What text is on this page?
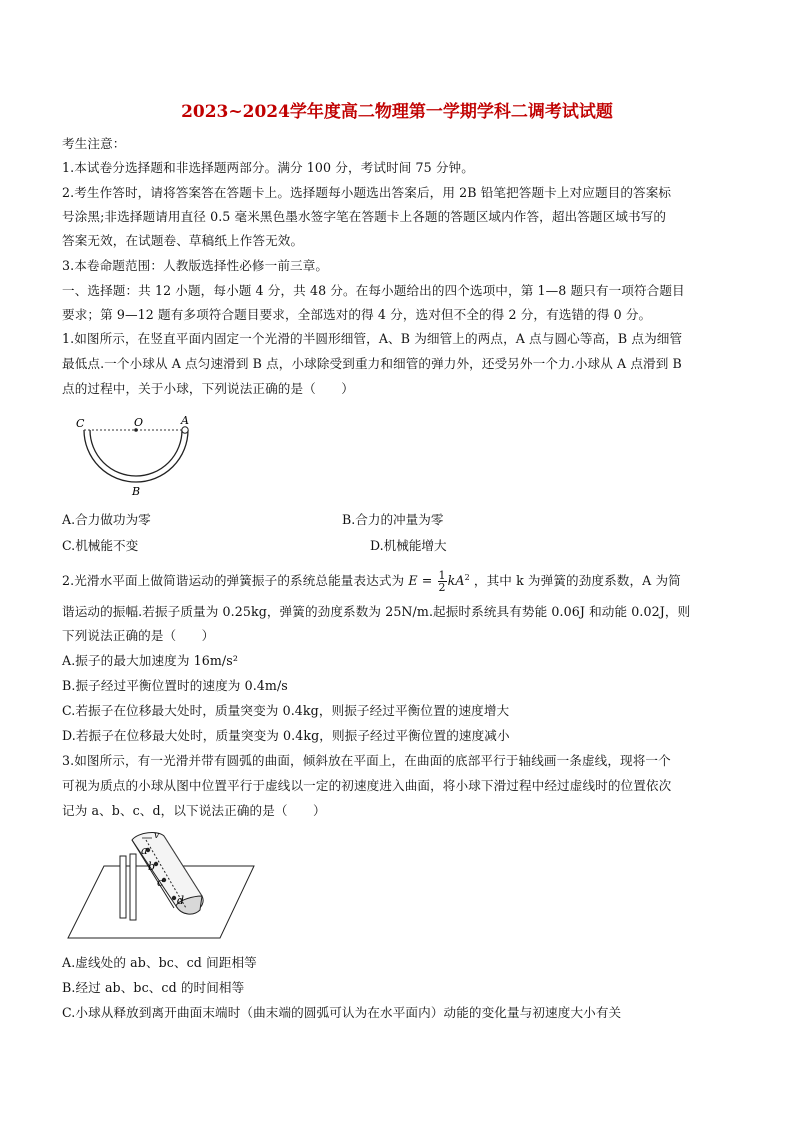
2023~2024学年度高二物理第一学期学科二调考试试题
考生注意：
1.本试卷分选择题和非选择题两部分。满分 100 分，考试时间 75 分钟。
2.考生作答时，请将答案答在答题卡上。选择题每小题选出答案后，用 2B 铅笔把答题卡上对应题目的答案标
号涂黑;非选择题请用直径 0.5 毫米黑色墨水签字笔在答题卡上各题的答题区域内作答，超出答题区域书写的
答案无效，在试题卷、草稿纸上作答无效。
3.本卷命题范围：人教版选择性必修一前三章。
一、选择题：共 12 小题，每小题 4 分，共 48 分。在每小题给出的四个选项中，第 1—8 题只有一项符合题目
要求；第 9—12 题有多项符合题目要求，全部选对的得 4 分，选对但不全的得 2 分，有选错的得 0 分。
1.如图所示，在竖直平面内固定一个光滑的半圆形细管，A、B 为细管上的两点，A 点与圆心等高，B 点为细管
最低点.一个小球从 A 点匀速滑到 B 点，小球除受到重力和细管的弹力外，还受另外一个力.小球从 A 点滑到 B
点的过程中，关于小球，下列说法正确的是（　　）
C	O	A
B
A.合力做功为零	B.合力的冲量为零
C.机械能不变	D.机械能增大
2.光滑水平面上做简谐运动的弹簧振子的系统总能量表达式为 $E = \frac{1}{2} kA^2$ ，其中 k 为弹簧的劲度系数，A 为简
谐运动的振幅.若振子质量为 0.25kg，弹簧的劲度系数为 25N/m.起振时系统具有势能 0.06J 和动能 0.02J，则
下列说法正确的是（　　）
A.振子的最大加速度为 16m/s²
B.振子经过平衡位置时的速度为 0.4m/s
C.若振子在位移最大处时，质量突变为 0.4kg，则振子经过平衡位置的速度增大
D.若振子在位移最大处时，质量突变为 0.4kg，则振子经过平衡位置的速度减小
3.如图所示，有一光滑并带有圆弧的曲面，倾斜放在平面上，在曲面的底部平行于轴线画一条虚线，现将一个
可视为质点的小球从图中位置平行于虚线以一定的初速度进入曲面，将小球下滑过程中经过虚线时的位置依次
记为 a、b、c、d，以下说法正确的是（　　）
v
a
b
c
d
A.虚线处的 ab、bc、cd 间距相等
B.经过 ab、bc、cd 的时间相等
C.小球从释放到离开曲面末端时（曲末端的圆弧可认为在水平面内）动能的变化量与初速度大小有关
